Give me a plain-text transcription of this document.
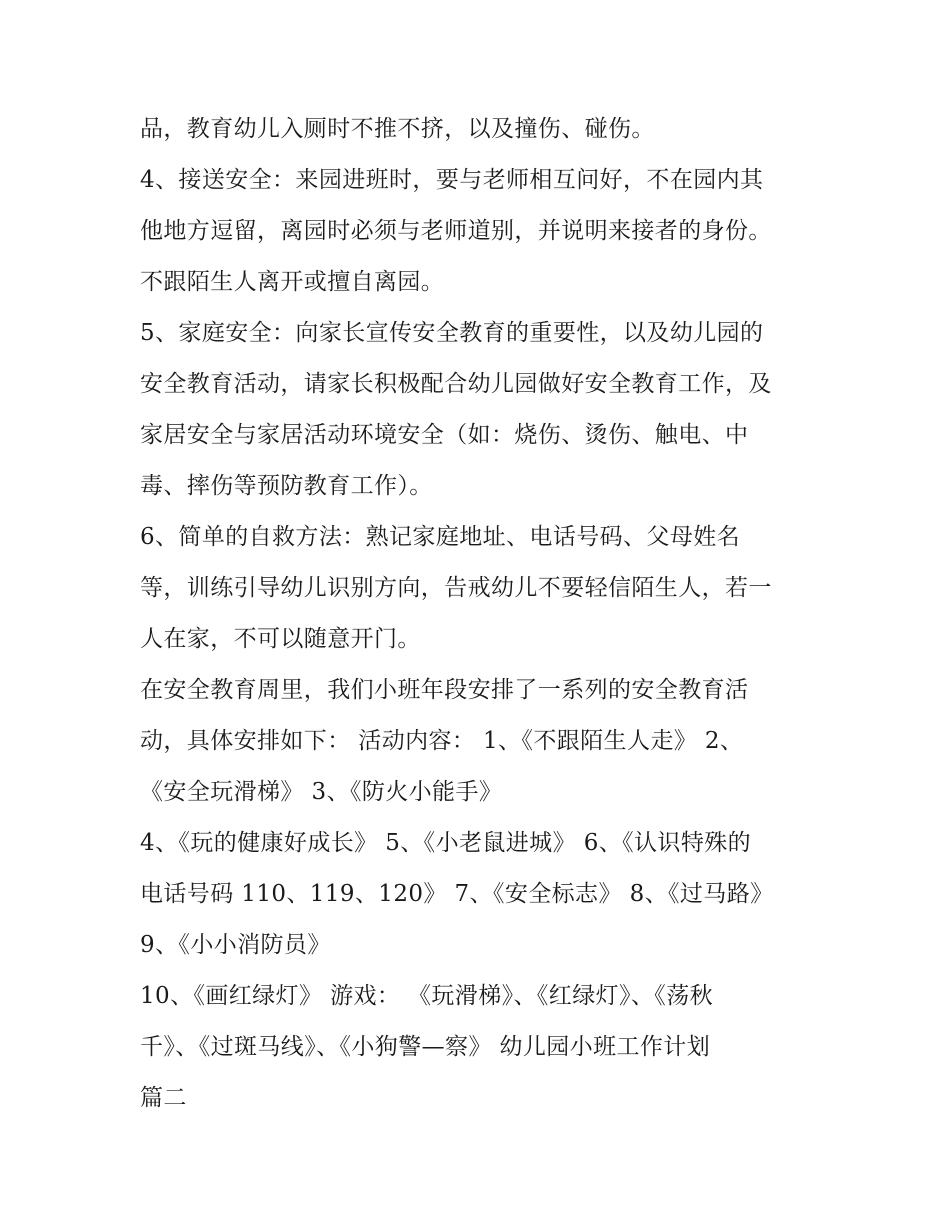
品，教育幼儿入厕时不推不挤，以及撞伤、碰伤。
4、接送安全：来园进班时，要与老师相互问好，不在园内其
他地方逗留，离园时必须与老师道别，并说明来接者的身份。
不跟陌生人离开或擅自离园。
5、家庭安全：向家长宣传安全教育的重要性，以及幼儿园的
安全教育活动，请家长积极配合幼儿园做好安全教育工作，及
家居安全与家居活动环境安全（如：烧伤、烫伤、触电、中
毒、摔伤等预防教育工作）。
6、简单的自救方法：熟记家庭地址、电话号码、父母姓名
等，训练引导幼儿识别方向，告戒幼儿不要轻信陌生人，若一
人在家，不可以随意开门。
在安全教育周里，我们小班年段安排了一系列的安全教育活
动，具体安排如下： 活动内容： 1、《不跟陌生人走》 2、
《安全玩滑梯》 3、《防火小能手》
4、《玩的健康好成长》 5、《小老鼠进城》 6、《认识特殊的
电话号码 110、119、120》 7、《安全标志》 8、《过马路》
9、《小小消防员》
10、《画红绿灯》 游戏： 《玩滑梯》、《红绿灯》、《荡秋
千》、《过斑马线》、《小狗警—察》 幼儿园小班工作计划
篇二
